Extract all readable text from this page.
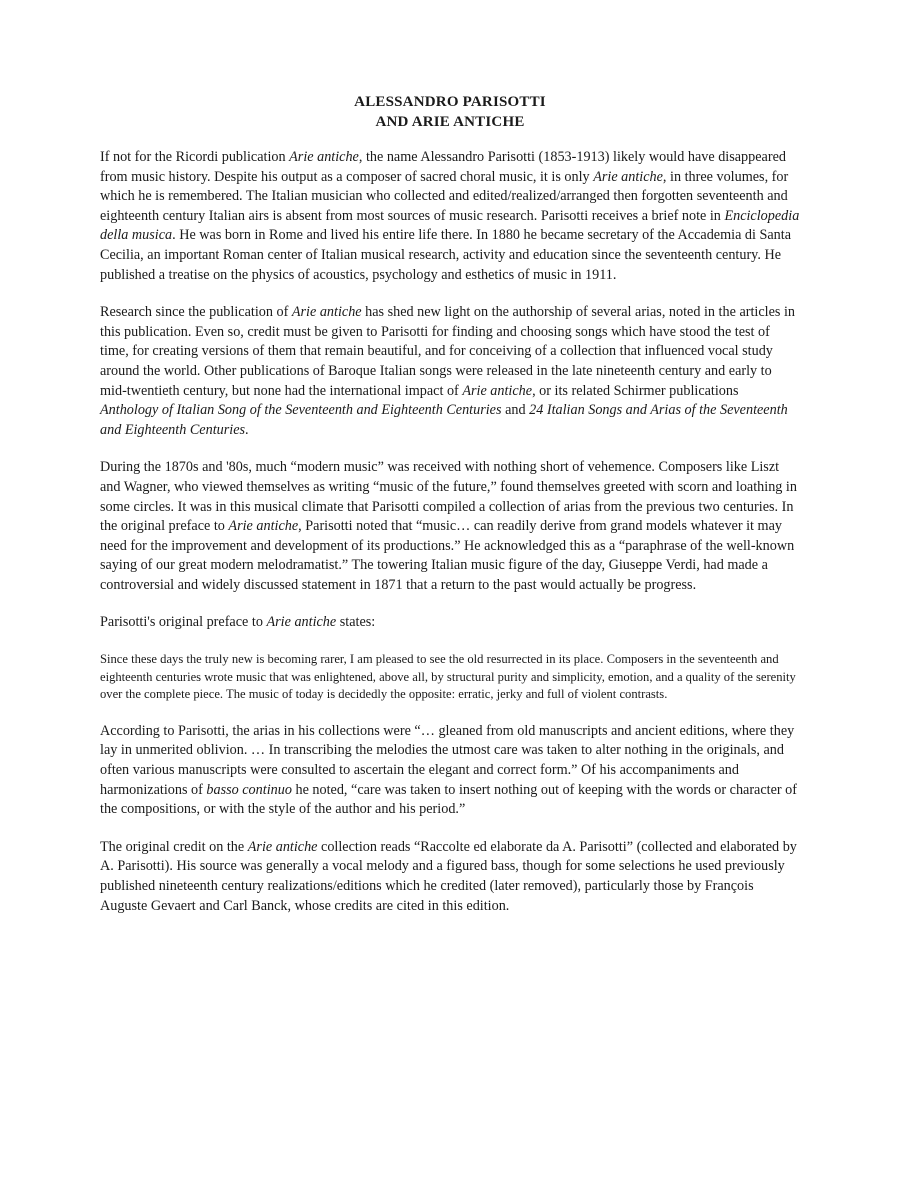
ALESSANDRO PARISOTTI
AND ARIE ANTICHE

If not for the Ricordi publication Arie antiche, the name Alessandro Parisotti (1853-1913) likely would have disappeared from music history. Despite his output as a composer of sacred choral music, it is only Arie antiche, in three volumes, for which he is remembered. The Italian musician who collected and edited/realized/arranged then forgotten seventeenth and eighteenth century Italian airs is absent from most sources of music research. Parisotti receives a brief note in Enciclopedia della musica. He was born in Rome and lived his entire life there. In 1880 he became secretary of the Accademia di Santa Cecilia, an important Roman center of Italian musical research, activity and education since the seventeenth century. He published a treatise on the physics of acoustics, psychology and esthetics of music in 1911.

Research since the publication of Arie antiche has shed new light on the authorship of several arias, noted in the articles in this publication. Even so, credit must be given to Parisotti for finding and choosing songs which have stood the test of time, for creating versions of them that remain beautiful, and for conceiving of a collection that influenced vocal study around the world. Other publications of Baroque Italian songs were released in the late nineteenth century and early to mid-twentieth century, but none had the international impact of Arie antiche, or its related Schirmer publications Anthology of Italian Song of the Seventeenth and Eighteenth Centuries and 24 Italian Songs and Arias of the Seventeenth and Eighteenth Centuries.

During the 1870s and '80s, much “modern music” was received with nothing short of vehemence. Composers like Liszt and Wagner, who viewed themselves as writing “music of the future,” found themselves greeted with scorn and loathing in some circles. It was in this musical climate that Parisotti compiled a collection of arias from the previous two centuries. In the original preface to Arie antiche, Parisotti noted that “music… can readily derive from grand models whatever it may need for the improvement and development of its productions.” He acknowledged this as a “paraphrase of the well-known saying of our great modern melodramatist.” The towering Italian music figure of the day, Giuseppe Verdi, had made a controversial and widely discussed statement in 1871 that a return to the past would actually be progress.

Parisotti's original preface to Arie antiche states:

Since these days the truly new is becoming rarer, I am pleased to see the old resurrected in its place. Composers in the seventeenth and eighteenth centuries wrote music that was enlightened, above all, by structural purity and simplicity, emotion, and a quality of the serenity over the complete piece. The music of today is decidedly the opposite: erratic, jerky and full of violent contrasts.

According to Parisotti, the arias in his collections were “… gleaned from old manuscripts and ancient editions, where they lay in unmerited oblivion. … In transcribing the melodies the utmost care was taken to alter nothing in the originals, and often various manuscripts were consulted to ascertain the elegant and correct form.” Of his accompaniments and harmonizations of basso continuo he noted, “care was taken to insert nothing out of keeping with the words or character of the compositions, or with the style of the author and his period.”

The original credit on the Arie antiche collection reads “Raccolte ed elaborate da A. Parisotti” (collected and elaborated by A. Parisotti). His source was generally a vocal melody and a figured bass, though for some selections he used previously published nineteenth century realizations/editions which he credited (later removed), particularly those by François Auguste Gevaert and Carl Banck, whose credits are cited in this edition.
